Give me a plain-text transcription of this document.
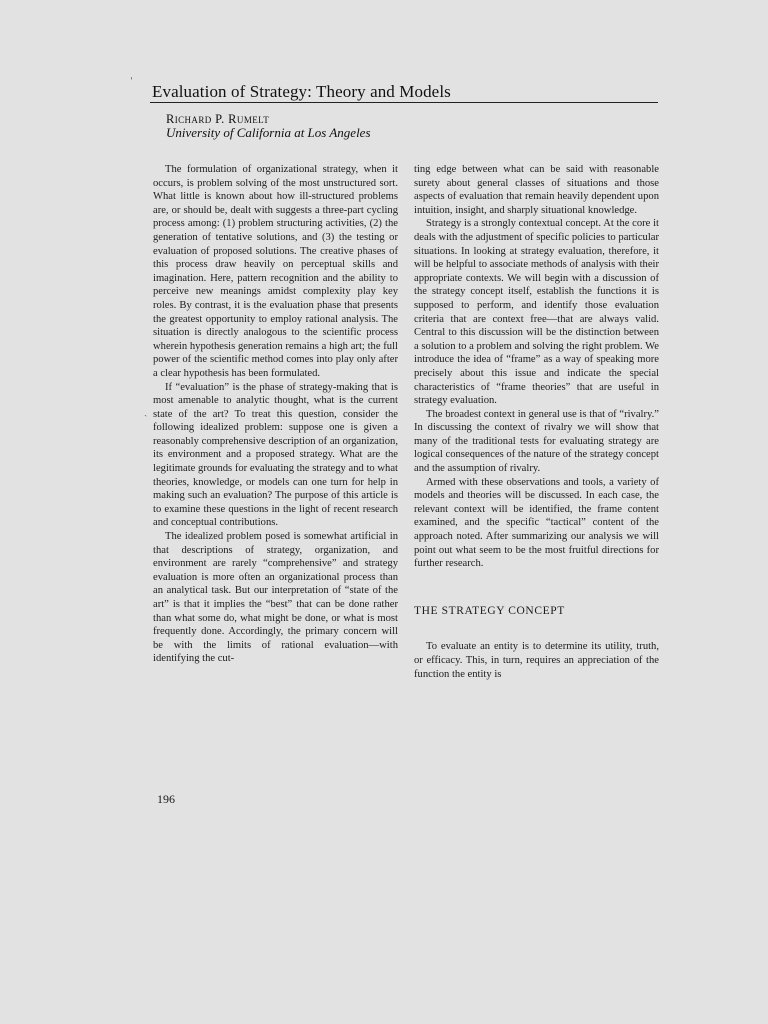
Evaluation of Strategy: Theory and Models
Richard P. Rumelt
University of California at Los Angeles

The formulation of organizational strategy, when it occurs, is problem solving of the most unstructured sort. What little is known about how ill-structured problems are, or should be, dealt with suggests a three-part cycling process among: (1) problem structuring activities, (2) the generation of tentative solutions, and (3) the testing or evaluation of proposed solutions. The creative phases of this process draw heavily on perceptual skills and imagination. Here, pattern recognition and the ability to perceive new meanings amidst complexity play key roles. By contrast, it is the evaluation phase that presents the greatest opportunity to employ rational analysis. The situation is directly analogous to the scientific process wherein hypothesis generation remains a high art; the full power of the scientific method comes into play only after a clear hypothesis has been formulated.

If “evaluation” is the phase of strategy-making that is most amenable to analytic thought, what is the current state of the art? To treat this question, consider the following idealized problem: suppose one is given a reasonably comprehensive description of an organization, its environment and a proposed strategy. What are the legitimate grounds for evaluating the strategy and to what theories, knowledge, or models can one turn for help in making such an evaluation? The purpose of this article is to examine these questions in the light of recent research and conceptual contributions.

The idealized problem posed is somewhat artificial in that descriptions of strategy, organization, and environment are rarely “comprehensive” and strategy evaluation is more often an organizational process than an analytical task. But our interpretation of “state of the art” is that it implies the “best” that can be done rather than what some do, what might be done, or what is most frequently done. Accordingly, the primary concern will be with the limits of rational evaluation—with identifying the cut-

ting edge between what can be said with reasonable surety about general classes of situations and those aspects of evaluation that remain heavily dependent upon intuition, insight, and sharply situational knowledge.

Strategy is a strongly contextual concept. At the core it deals with the adjustment of specific policies to particular situations. In looking at strategy evaluation, therefore, it will be helpful to associate methods of analysis with their appropriate contexts. We will begin with a discussion of the strategy concept itself, establish the functions it is supposed to perform, and identify those evaluation criteria that are context free—that are always valid. Central to this discussion will be the distinction between a solution to a problem and solving the right problem. We introduce the idea of “frame” as a way of speaking more precisely about this issue and indicate the special characteristics of “frame theories” that are useful in strategy evaluation.

The broadest context in general use is that of “rivalry.” In discussing the context of rivalry we will show that many of the traditional tests for evaluating strategy are logical consequences of the nature of the strategy concept and the assumption of rivalry.

Armed with these observations and tools, a variety of models and theories will be discussed. In each case, the relevant context will be identified, the frame content examined, and the specific “tactical” content of the approach noted. After summarizing our analysis we will point out what seem to be the most fruitful directions for further research.

THE STRATEGY CONCEPT

To evaluate an entity is to determine its utility, truth, or efficacy. This, in turn, requires an appreciation of the function the entity is

196
ˌ
ˎ
